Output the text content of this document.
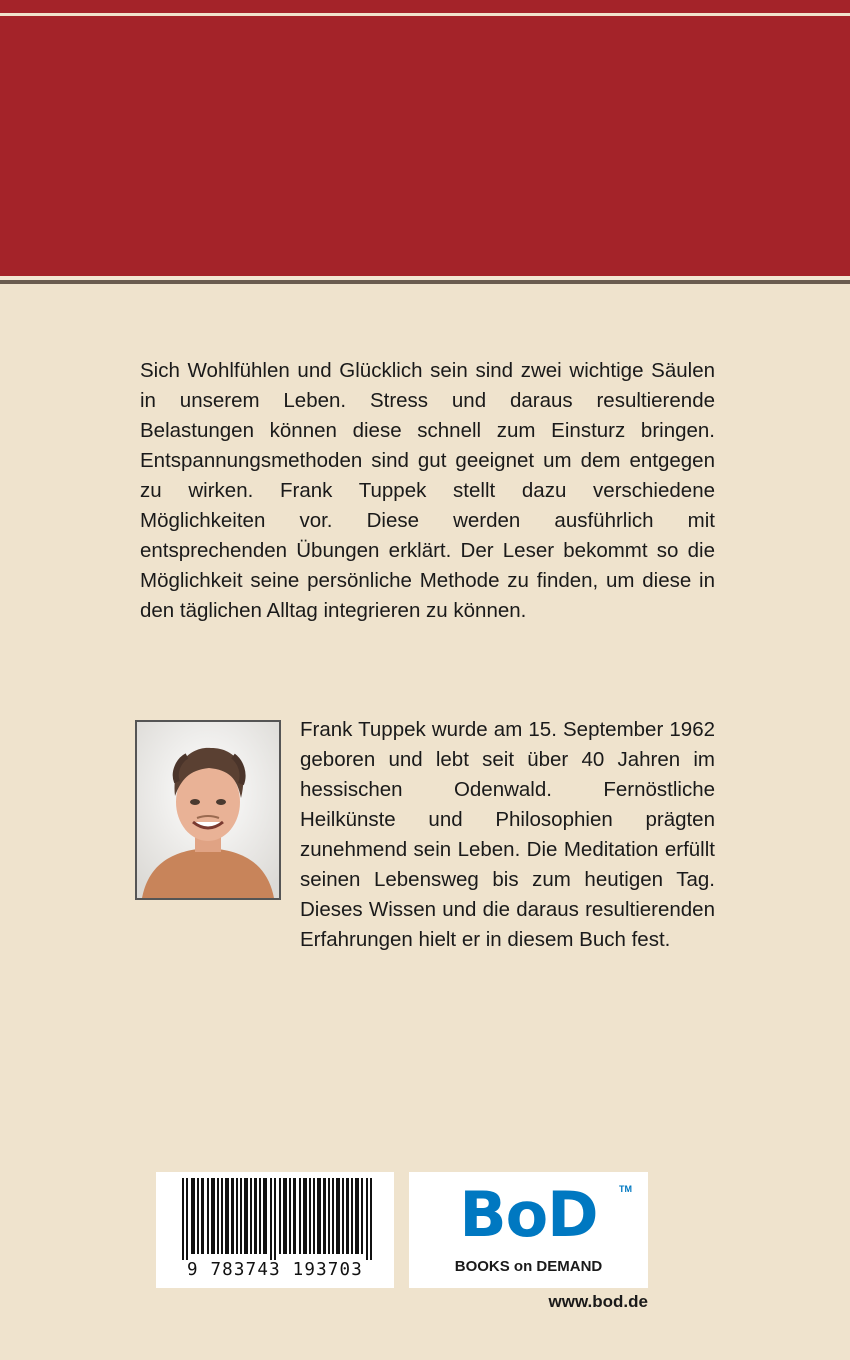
Sich Wohlfühlen und Glücklich sein sind zwei wichtige Säulen in unserem Leben. Stress und daraus resultierende Belastungen können diese schnell zum Einsturz bringen. Entspannungsmethoden sind gut geeignet um dem entgegen zu wirken. Frank Tuppek stellt dazu verschiedene Möglichkeiten vor. Diese werden ausführlich mit entsprechenden Übungen erklärt. Der Leser bekommt so die Möglichkeit seine persönliche Methode zu finden, um diese in den täglichen Alltag integrieren zu können.

Frank Tuppek wurde am 15. September 1962 geboren und lebt seit über 40 Jahren im hessischen Odenwald. Fernöstliche Heilkünste und Philosophien prägten zunehmend sein Leben. Die Meditation erfüllt seinen Lebensweg bis zum heutigen Tag. Dieses Wissen und die daraus resultierenden Erfahrungen hielt er in diesem Buch fest.

9 783743 193703
BoD	TM
BOOKS on DEMAND
www.bod.de
